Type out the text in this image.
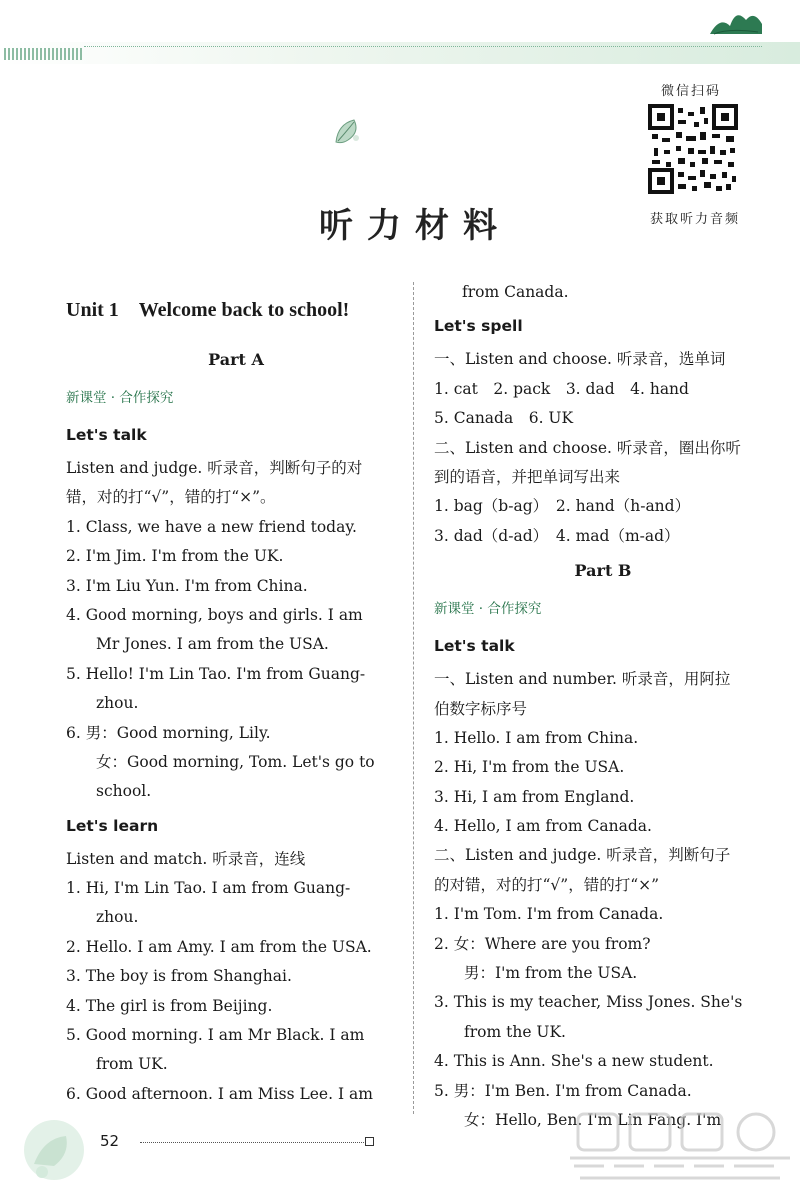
微信扫码
获取听力音频
听力材料
Unit 1　Welcome back to school!
Part A
新课堂 · 合作探究
Let's talk
Listen and judge. 听录音，判断句子的对
错，对的打“√”，错的打“×”。
1. Class, we have a new friend today.
2. I'm Jim. I'm from the UK.
3. I'm Liu Yun. I'm from China.
4. Good morning, boys and girls. I am
Mr Jones. I am from the USA.
5. Hello! I'm Lin Tao. I'm from Guang-
zhou.
6. 男：Good morning, Lily.
女：Good morning, Tom. Let's go to
school.
Let's learn
Listen and match. 听录音，连线
1. Hi, I'm Lin Tao. I am from Guang-
zhou.
2. Hello. I am Amy. I am from the USA.
3. The boy is from Shanghai.
4. The girl is from Beijing.
5. Good morning. I am Mr Black. I am
from UK.
6. Good afternoon. I am Miss Lee. I am
from Canada.
Let's spell
一、Listen and choose. 听录音，选单词
1. cat　2. pack　3. dad　4. hand
5. Canada　6. UK
二、Listen and choose. 听录音，圈出你听
到的语音，并把单词写出来
1. bag（b-ag）　2. hand（h-and）
3. dad（d-ad）　4. mad（m-ad）
Part B
新课堂 · 合作探究
Let's talk
一、Listen and number. 听录音，用阿拉
伯数字标序号
1. Hello. I am from China.
2. Hi, I'm from the USA.
3. Hi, I am from England.
4. Hello, I am from Canada.
二、Listen and judge. 听录音，判断句子
的对错，对的打“√”，错的打“×”
1. I'm Tom. I'm from Canada.
2. 女：Where are you from?
男：I'm from the USA.
3. This is my teacher, Miss Jones. She's
from the UK.
4. This is Ann. She's a new student.
5. 男：I'm Ben. I'm from Canada.
女：Hello, Ben. I'm Lin Fang. I'm
52
